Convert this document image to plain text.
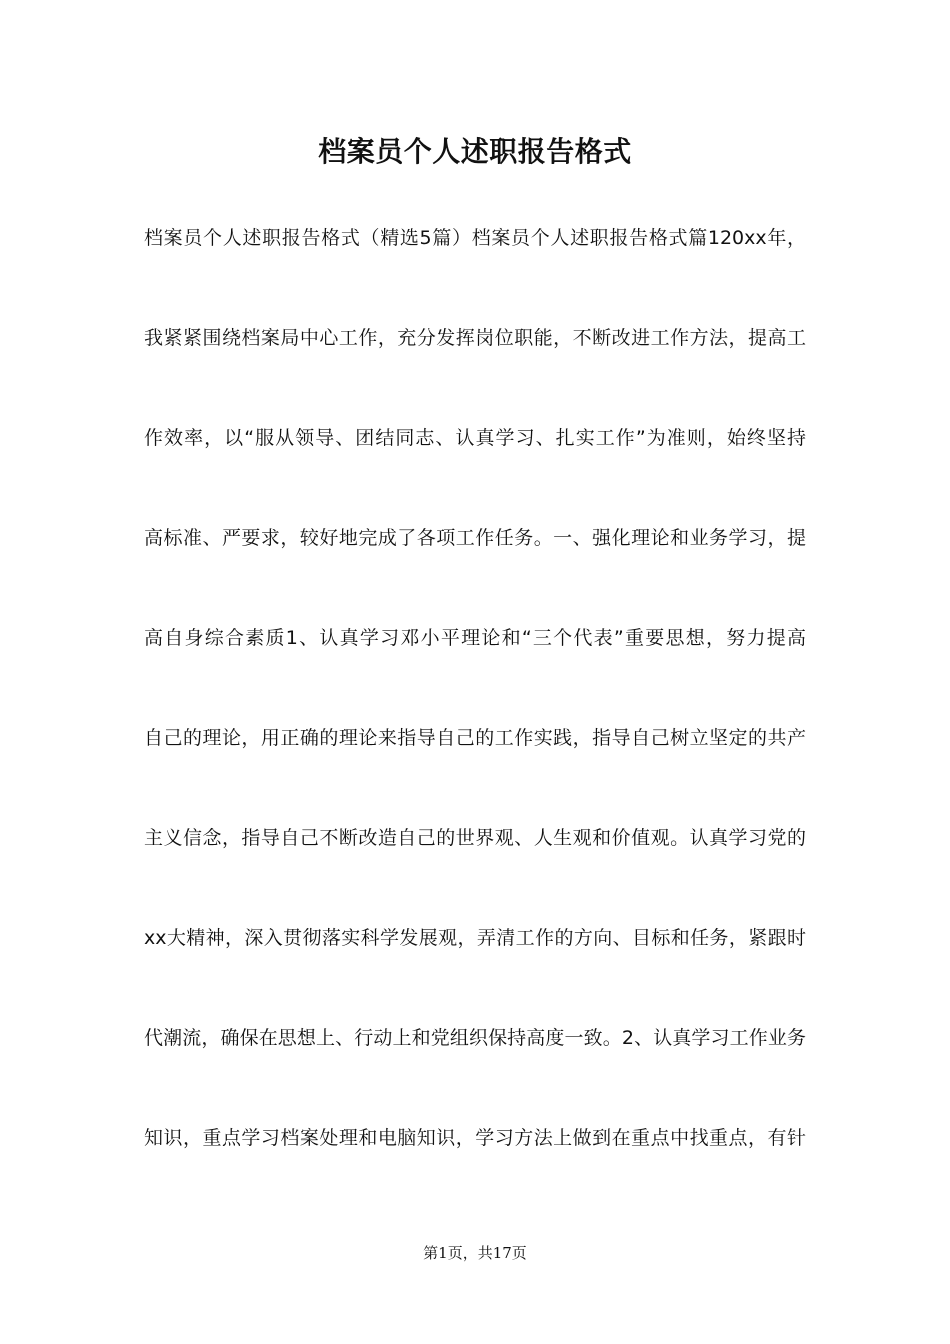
档案员个人述职报告格式
档案员个人述职报告格式（精选5篇）档案员个人述职报告格式篇120xx年，
我紧紧围绕档案局中心工作，充分发挥岗位职能，不断改进工作方法，提高工
作效率，以“服从领导、团结同志、认真学习、扎实工作”为准则，始终坚持
高标准、严要求，较好地完成了各项工作任务。一、强化理论和业务学习，提
高自身综合素质1、认真学习邓小平理论和“三个代表”重要思想，努力提高
自己的理论，用正确的理论来指导自己的工作实践，指导自己树立坚定的共产
主义信念，指导自己不断改造自己的世界观、人生观和价值观。认真学习党的
xx大精神，深入贯彻落实科学发展观，弄清工作的方向、目标和任务，紧跟时
代潮流，确保在思想上、行动上和党组织保持高度一致。2、认真学习工作业务
知识，重点学习档案处理和电脑知识，学习方法上做到在重点中找重点，有针
第1页，共17页
